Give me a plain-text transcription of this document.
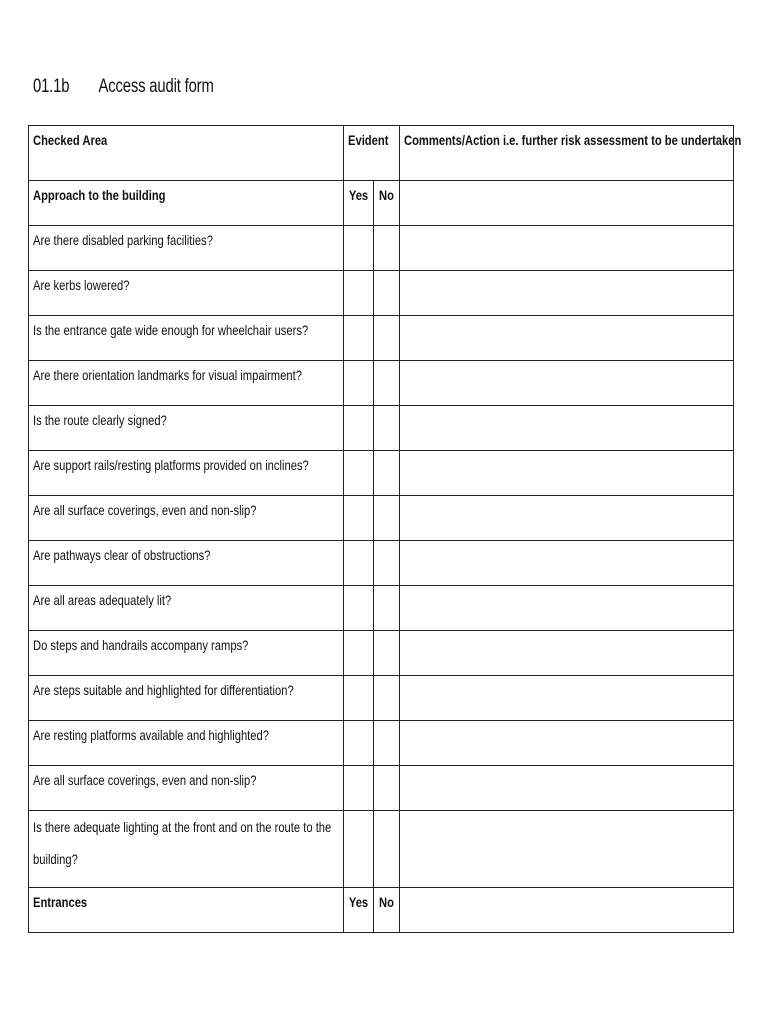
01.1b Access audit form
Checked Area	Evident		Comments/Action i.e. further risk assessment to be undertaken

Approach to the building	Yes	No	

Are there disabled parking facilities?			

Are kerbs lowered?			

Is the entrance gate wide enough for wheelchair users?			

Are there orientation landmarks for visual impairment?			

Is the route clearly signed?			

Are support rails/resting platforms provided on inclines?			

Are all surface coverings, even and non-slip?			

Are pathways clear of obstructions?			

Are all areas adequately lit?			

Do steps and handrails accompany ramps?			

Are steps suitable and highlighted for differentiation?			

Are resting platforms available and highlighted?			

Are all surface coverings, even and non-slip?			

Is there adequate lighting at the front and on the route to the building?			

Entrances	Yes	No	
